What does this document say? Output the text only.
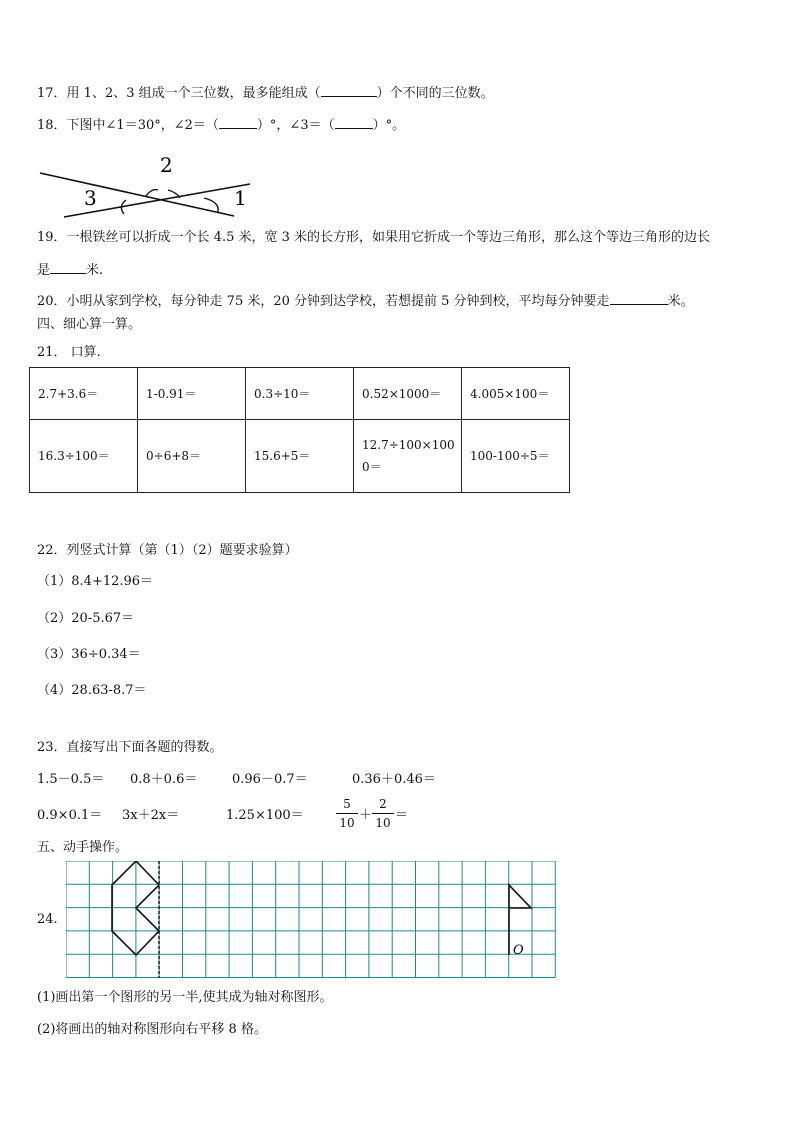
17．用 1、2、3 组成一个三位数，最多能组成（	）个不同的三位数。
18．下图中∠1＝30°，∠2＝（	）°，∠3＝（	）°。
2
3	1
19．一根铁丝可以折成一个长 4.5 米，宽 3 米的长方形，如果用它折成一个等边三角形，那么这个等边三角形的边长
是	米.
20．小明从家到学校，每分钟走 75 米，20 分钟到达学校，若想提前 5 分钟到校，平均每分钟要走	米。
四、细心算一算。
21． 口算.
2.7+3.6＝	1-0.91＝	0.3÷10＝	0.52×1000＝	4.005×100＝
16.3÷100＝	0÷6+8＝	15.6+5＝	12.7÷100×1000＝	100-100÷5＝
22．列竖式计算（第（1）（2）题要求验算）
（1）8.4+12.96＝
（2）20-5.67＝
（3）36÷0.34＝
（4）28.63-8.7＝
23．直接写出下面各题的得数。
1.5－0.5＝ 0.8＋0.6＝	0.96－0.7＝	0.36＋0.46＝
0.9×0.1＝ 3x＋2x＝	1.25×100＝
5
10 ＋
2
10 ＝
五、动手操作。
24.
O
(1)画出第一个图形的另一半,使其成为轴对称图形。
(2)将画出的轴对称图形向右平移 8 格。
